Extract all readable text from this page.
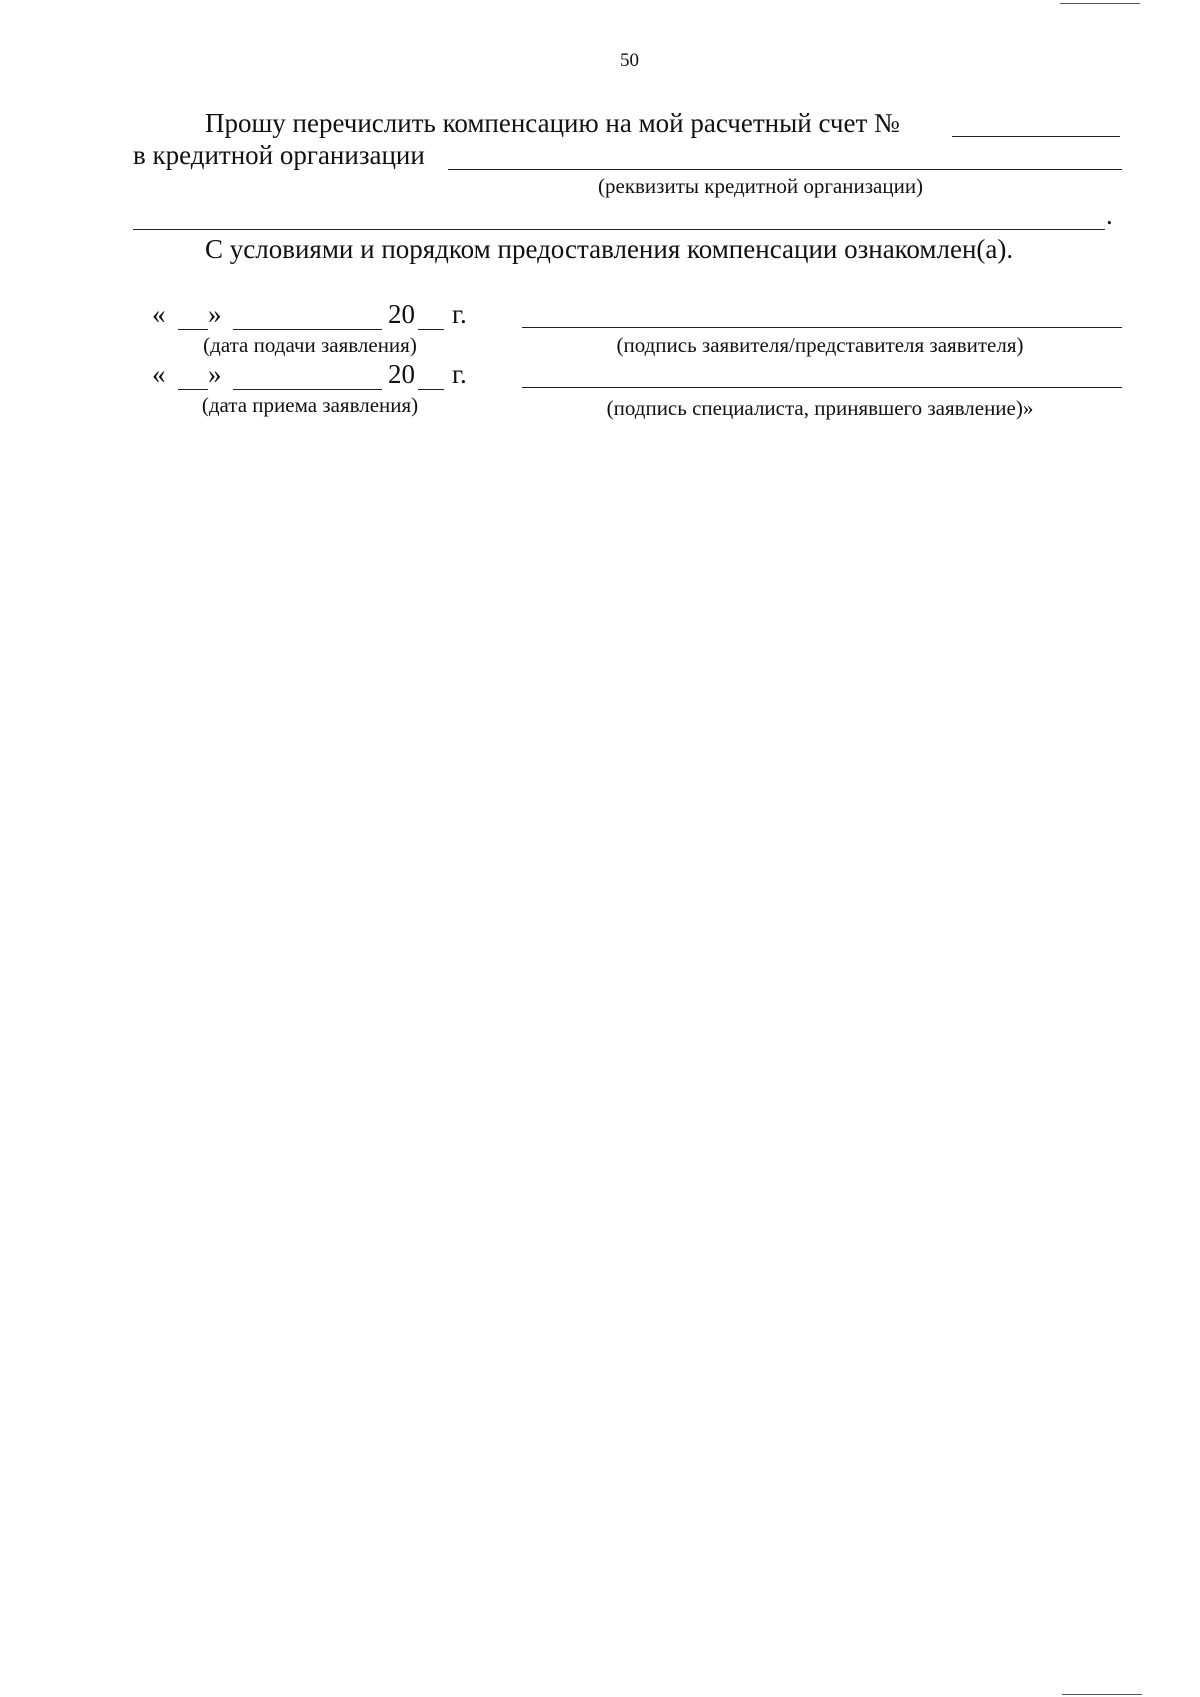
50
Прошу перечислить компенсацию на мой расчетный счет №
в кредитной организации
(реквизиты кредитной организации)
.
С условиями и порядком предоставления компенсации ознакомлен(а).
« »	20 г.
(дата подачи заявления)	(подпись заявителя/представителя заявителя)
« »	20 г.
(дата приема заявления)	(подпись специалиста, принявшего заявление)»
